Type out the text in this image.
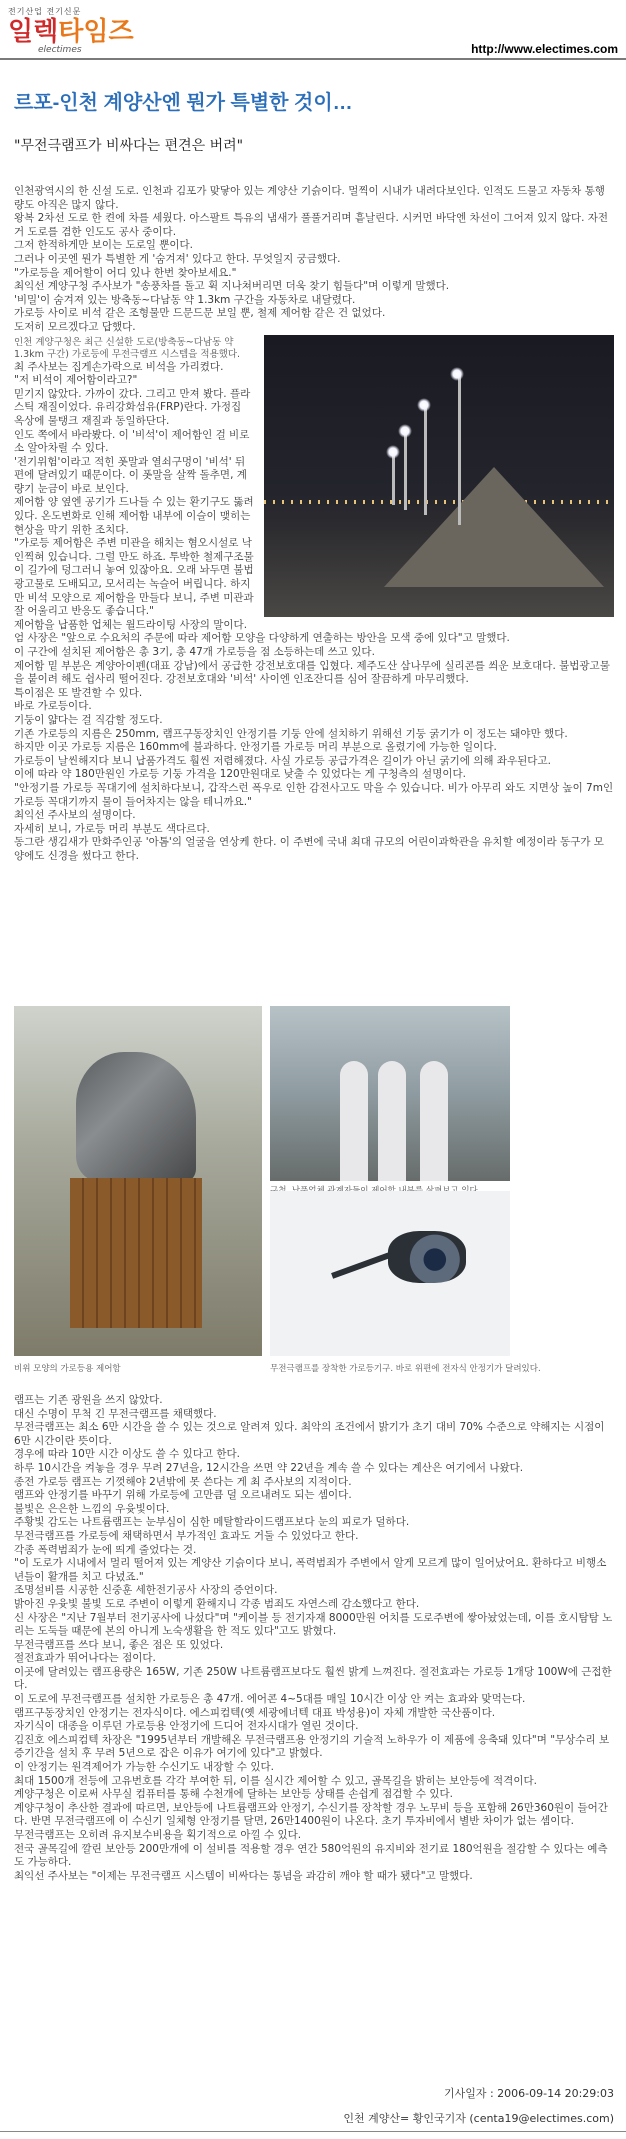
전기산업 전기신문
일렉타임즈
electimes	http://www.electimes.com
르포-인천 계양산엔 뭔가 특별한 것이…
"무전극램프가 비싸다는 편견은 버려"

인천광역시의 한 신설 도로. 인천과 김포가 맞닿아 있는 계양산 기슭이다. 멀찍이 시내가 내려다보인다. 인적도 드물고 자동차 통행량도 아직은 많지 않다.

왕복 2차선 도로 한 켠에 차를 세웠다. 아스팔트 특유의 냄새가 풀풀거리며 흩날린다. 시커먼 바닥엔 차선이 그어져 있지 않다. 자전거 도로를 겸한 인도도 공사 중이다.

그저 한적하게만 보이는 도로일 뿐이다.

그러나 이곳엔 뭔가 특별한 게 '숨겨져' 있다고 한다. 무엇일지 궁금했다.

"가로등을 제어할이 어디 있나 한번 찾아보세요."

최익선 계양구청 주사보가 "송풍차를 돌고 휙 지나쳐버리면 더욱 찾기 힘들다"며 이렇게 말했다.

'비밀'이 숨겨져 있는 방축동~다남동 약 1.3km 구간을 자동차로 내달렸다.

가로등 사이로 비석 같은 조형물만 드문드문 보일 뿐, 철제 제어함 같은 건 없었다.

도저히 모르겠다고 답했다.

인천 계양구청은 최근 신설한 도로(방축동~다남동 약 1.3km 구간) 가로등에 무전극램프 시스템을 적용했다.

최 주사보는 집게손가락으로 비석을 가리켰다.

"저 비석이 제어함이라고?"

믿기지 않았다. 가까이 갔다. 그리고 만져 봤다. 플라스틱 재질이었다. 유리강화섬유(FRP)란다. 가정집 옥상에 물탱크 재질과 동일하단다.

인도 쪽에서 바라봤다. 이 '비석'이 제어함인 걸 비로소 알아차릴 수 있다.

'전기위험'이라고 적힌 폿말과 열쇠구멍이 '비석' 뒤편에 달려있기 때문이다. 이 폿말을 살짝 돌추면, 계량기 눈금이 바로 보인다.

제어함 양 옆엔 공기가 드나들 수 있는 환기구도 뚫려 있다. 온도변화로 인해 제어함 내부에 이슬이 맺히는 현상을 막기 위한 조치다.

"가로등 제어함은 주변 미관을 해치는 혐오시설로 낙인찍혀 있습니다. 그럴 만도 하죠. 투박한 철제구조물이 길가에 덩그러니 놓여 있잖아요. 오래 놔두면 불법 광고물로 도배되고, 모서리는 녹슬어 버립니다. 하지만 비석 모양으로 제어함을 만들다 보니, 주변 미관과 잘 어울리고 반응도 좋습니다."

제어함을 납품한 업체는 월드라이팅 사장의 말이다. 엄 사장은 "앞으로 수요처의 주문에 따라 제어함 모양을 다양하게 연출하는 방안을 모색 중에 있다"고 말했다.

이 구간에 설치된 제어함은 총 3기, 총 47개 가로등을 점 소등하는데 쓰고 있다.

제어함 밑 부분은 계양아이펜(대표 강남)에서 공급한 강전보호대를 입혔다. 제주도산 삼나무에 실리콘를 씌운 보호대다. 불법광고물을 붙이려 해도 쉽사리 떨어진다. 강전보호대와 '비석' 사이엔 인조잔디를 심어 잘끔하게 마무리했다.

특이점은 또 발견할 수 있다.

바로 가로등이다.

기둥이 얇다는 걸 직감할 정도다.

기존 가로등의 지름은 250mm, 램프구동장치인 안정기를 기둥 안에 설치하기 위해선 기둥 굵기가 이 정도는 돼야만 했다.

하지만 이곳 가로등 지름은 160mm에 불과하다. 안정기를 가로등 머리 부분으로 올렸기에 가능한 일이다.

가로등이 날씬해지다 보니 납품가격도 훨씬 저렴해졌다. 사실 가로등 공급가격은 길이가 아닌 굵기에 의해 좌우된다고.

이에 따라 약 180만원인 가로등 기둥 가격을 120만원대로 낮출 수 있었다는 게 구청측의 설명이다.

"안정기를 가로등 꼭대기에 설치하다보니, 갑작스런 폭우로 인한 감전사고도 막을 수 있습니다. 비가 아무리 와도 지면상 높이 7m인 가로등 꼭대기까지 물이 들어차지는 않을 테니까요."

최익선 주사보의 설명이다.

자세히 보니, 가로등 머리 부분도 색다르다.

동그란 생김새가 만화주인공 '아톰'의 얼굴을 연상케 한다. 이 주변에 국내 최대 규모의 어린이과학관을 유치할 예정이라 동구가 모양에도 신경을 썼다고 한다.

비위 모양의 가로등용 제어함	무전극램프를 장착한 가로등기구. 바로 위편에 전자식 안정기가 달려있다.

램프는 기존 광원을 쓰지 않았다.

대신 수명이 무척 긴 무전극램프를 채택했다.

무전극램프는 최소 6만 시간을 쓸 수 있는 것으로 알려져 있다. 최악의 조건에서 밝기가 초기 대비 70% 수준으로 약해지는 시점이 6만 시간이란 뜻이다.

경우에 따라 10만 시간 이상도 쓸 수 있다고 한다.

하루 10시간을 켜놓을 경우 무려 27년을, 12시간을 쓰면 약 22년을 계속 쓸 수 있다는 계산은 여기에서 나왔다.

종전 가로등 램프는 기껏해야 2년밖에 못 쓴다는 게 최 주사보의 지적이다.

램프와 안정기를 바꾸기 위해 가로등에 고만큼 덜 오르내려도 되는 셈이다.

불빛은 은은한 느낌의 우윳빛이다.

주황빛 감도는 나트륨램프는 눈부심이 심한 메탈할라이드램프보다 눈의 피로가 덜하다.

무전극램프를 가로등에 채택하면서 부가적인 효과도 거둘 수 있었다고 한다.

각종 폭력범죄가 눈에 띄게 줄었다는 것.

"이 도로가 시내에서 멀리 떨어져 있는 계양산 기슭이다 보니, 폭력범죄가 주변에서 알게 모르게 많이 일어났어요. 환하다고 비행소년들이 활개를 치고 다녔죠."

조명설비를 시공한 신중훈 세한전기공사 사장의 증언이다.

밝아진 우윳빛 불빛 도로 주변이 이렇게 환해지니 각종 범죄도 자연스레 감소했다고 한다.

신 사장은 "지난 7월부터 전기공사에 나섰다"며 "케이블 등 전기자재 8000만원 어치를 도로주변에 쌓아놨었는데, 이를 호시탐탐 노리는 도둑들 때문에 본의 아니게 노숙생활을 한 적도 있다"고도 밝혔다.

무전극램프를 쓰다 보니, 좋은 점은 또 있었다.

절전효과가 뛰어나다는 점이다.

이곳에 달려있는 램프용량은 165W, 기존 250W 나트륨램프보다도 훨씬 밝게 느껴진다. 절전효과는 가로등 1개당 100W에 근접한다.

이 도로에 무전극램프를 설치한 가로등은 총 47개. 에어콘 4~5대를 매일 10시간 이상 안 켜는 효과와 맞먹는다.

램프구동장치인 안정기는 전자식이다. 에스피컴텍(옛 세광에너텍 대표 박성용)이 자체 개발한 국산품이다.

자기식이 대종을 이루던 가로등용 안정기에 드디어 전자시대가 열린 것이다.

김진호 에스피컴텍 차장은 "1995년부터 개발해온 무전극램프용 안정기의 기술적 노하우가 이 제품에 응축돼 있다"며 "무상수리 보증기간을 설치 후 무려 5년으로 잡은 이유가 여기에 있다"고 밝혔다.

이 안정기는 원격제어가 가능한 수신기도 내장할 수 있다.

최대 1500개 전등에 고유번호를 각각 부여한 뒤, 이를 실시간 제어할 수 있고, 골목길을 밝히는 보안등에 적격이다.

계양구청은 이로써 사무실 컴퓨터를 통해 수천개에 달하는 보안등 상태를 손쉽게 점검할 수 있다.

계양구청이 추산한 결과에 따르면, 보안등에 나트륨램프와 안정기, 수신기를 장착할 경우 노무비 등을 포함해 26만360원이 들어간다. 반면 무전극램프에 이 수신기 일체형 안정기를 달면, 26만1400원이 나온다. 초기 투자비에서 별반 차이가 없는 셈이다.

무전극램프는 오히려 유지보수비용을 획기적으로 아낄 수 있다.

전국 골목길에 깔린 보안등 200만개에 이 설비를 적용할 경우 연간 580억원의 유지비와 전기료 180억원을 절감할 수 있다는 예측도 가능하다.

최익선 주사보는 "이제는 무전극램프 시스템이 비싸다는 통념을 과감히 깨야 할 때가 됐다"고 말했다.

기사일자 : 2006-09-14 20:29:03
인천 계양산= 황인국기자 (centa19@electimes.com)
